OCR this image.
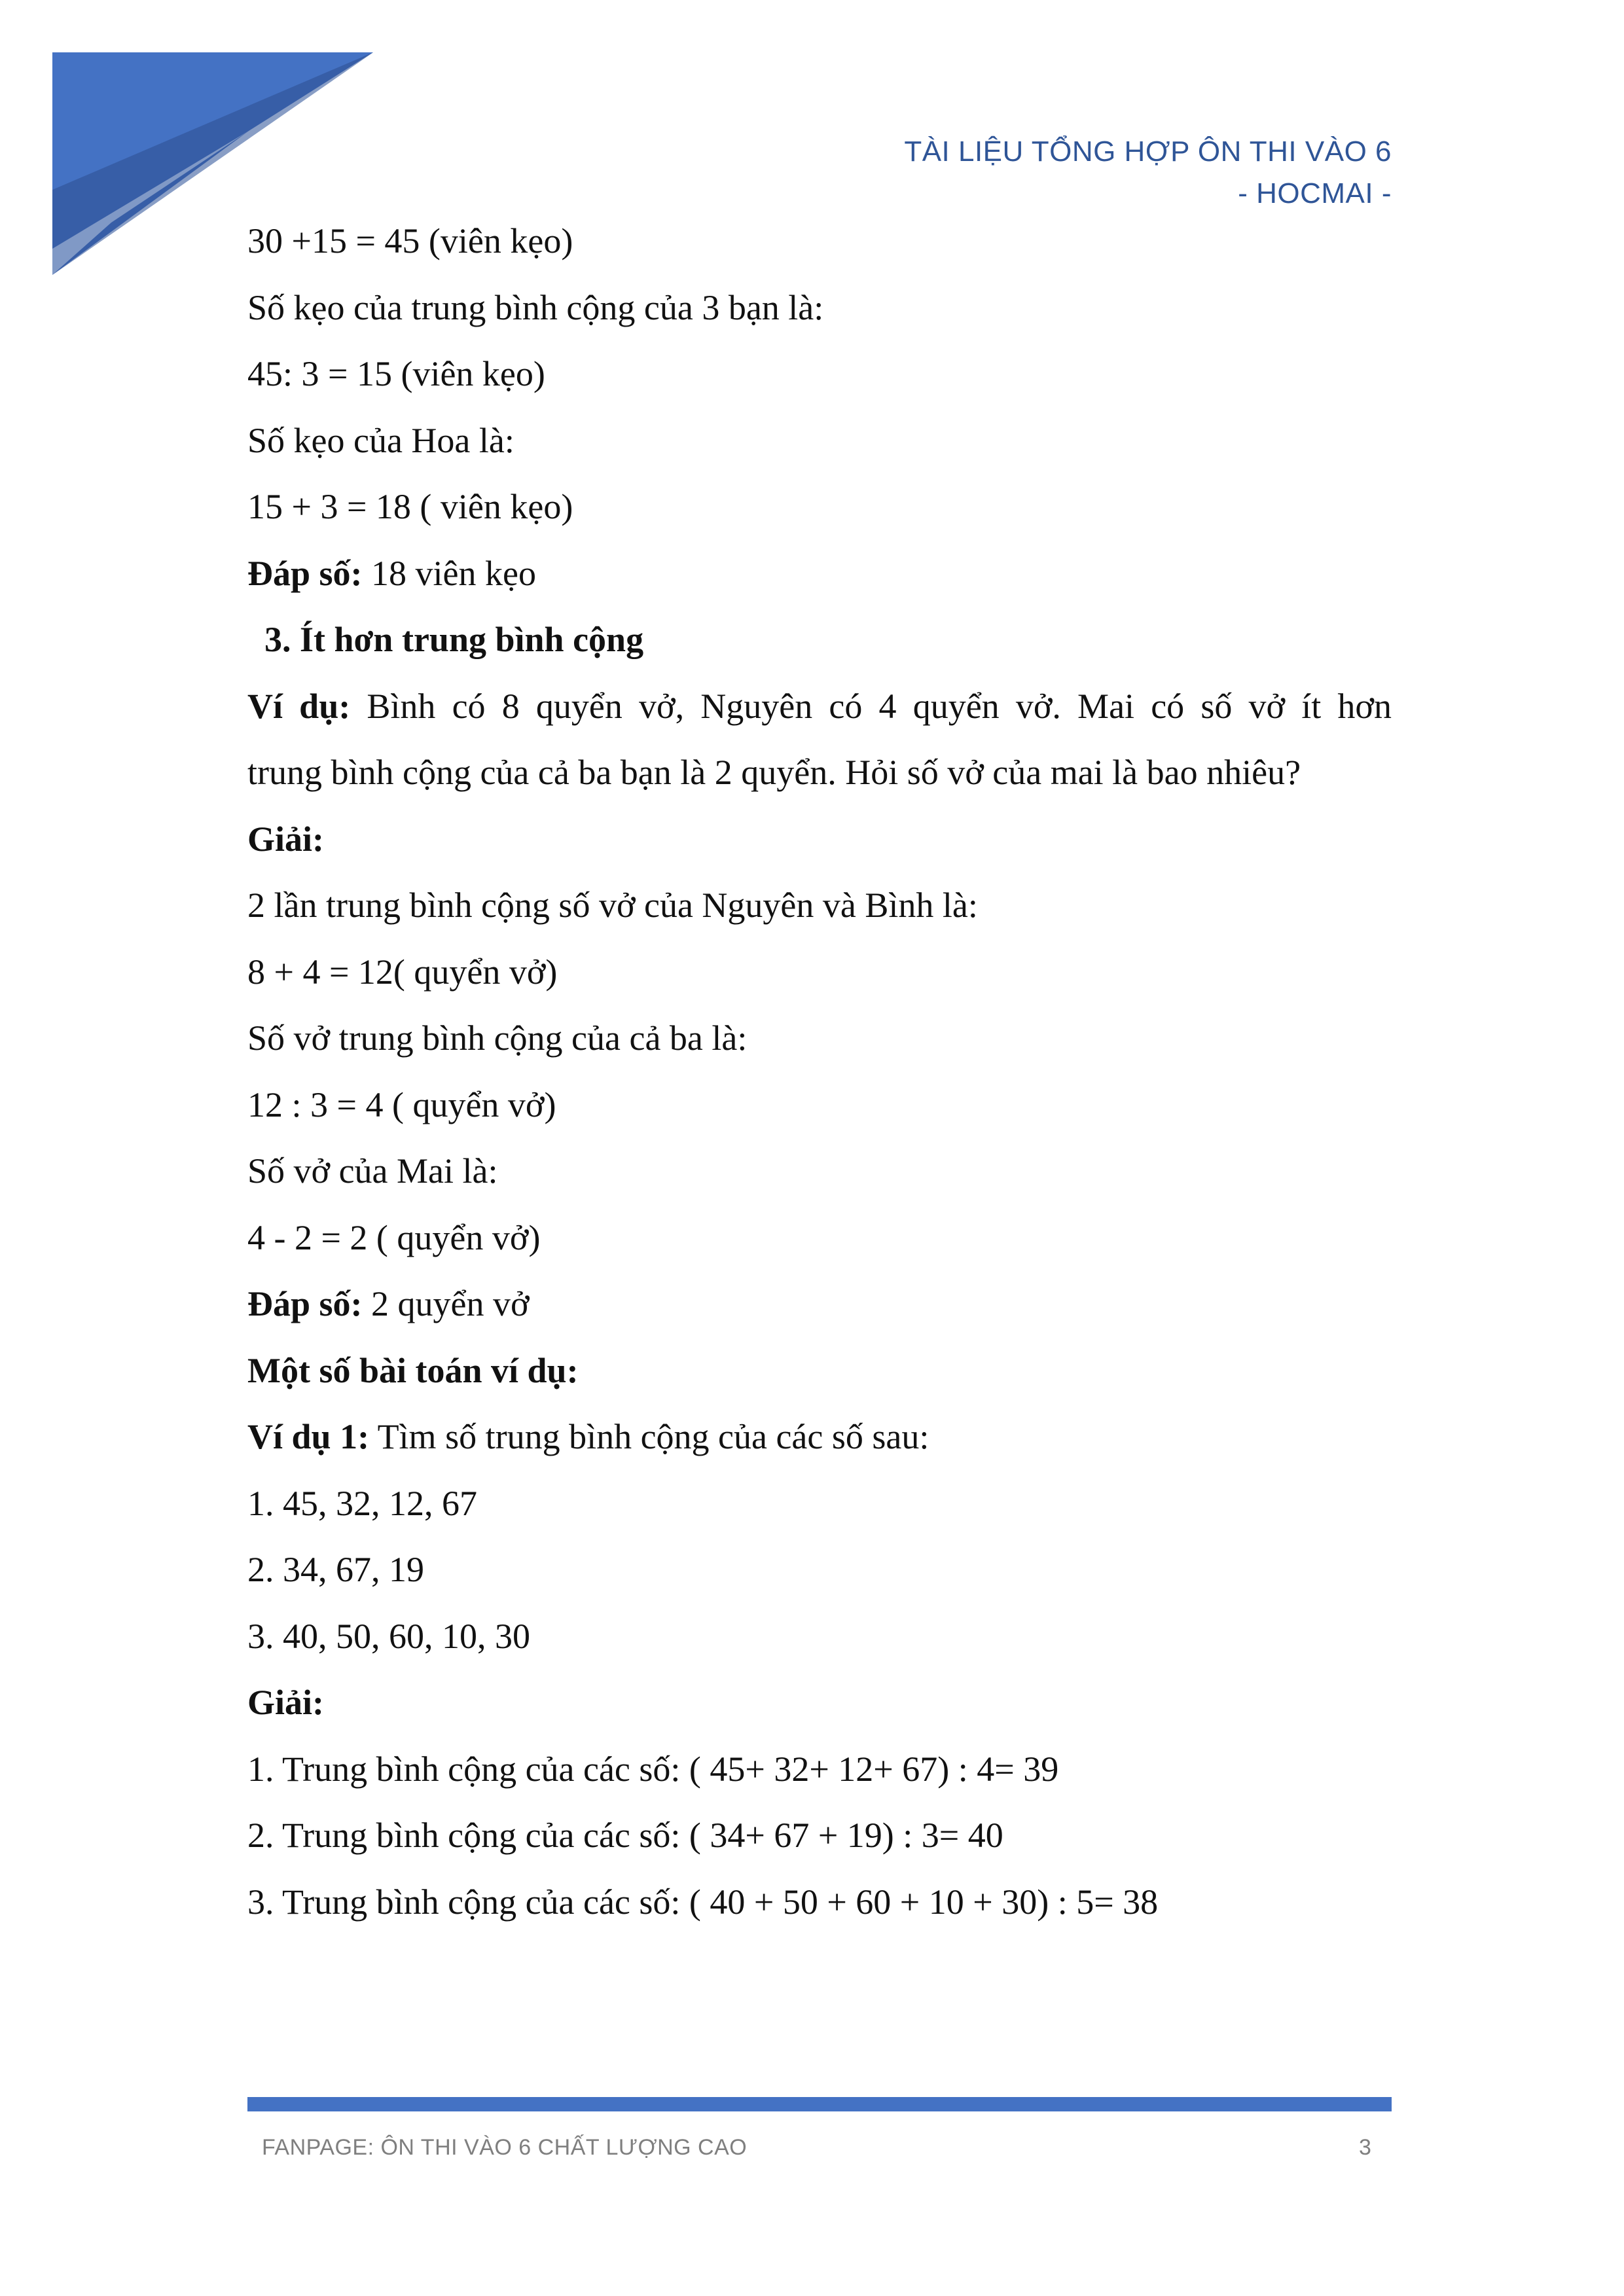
TÀI LIỆU TỔNG HỢP ÔN THI VÀO 6
- HOCMAI -
30 +15 = 45 (viên kẹo)
Số kẹo của trung bình cộng của 3 bạn là:
45: 3 = 15 (viên kẹo)
Số kẹo của Hoa là:
15 + 3 = 18 ( viên kẹo)
Đáp số: 18 viên kẹo
3. Ít hơn trung bình cộng
Ví dụ: Bình có 8 quyển vở, Nguyên có 4 quyển vở. Mai có số vở ít hơn
trung bình cộng của cả ba bạn là 2 quyển. Hỏi số vở của mai là bao nhiêu?
Giải:
2 lần trung bình cộng số vở của Nguyên và Bình là:
8 + 4 = 12( quyển vở)
Số vở trung bình cộng của cả ba là:
12 : 3 = 4 ( quyển vở)
Số vở của Mai là:
4 - 2 = 2 ( quyển vở)
Đáp số: 2 quyển vở
Một số bài toán ví dụ:
Ví dụ 1: Tìm số trung bình cộng của các số sau:
1. 45, 32, 12, 67
2. 34, 67, 19
3. 40, 50, 60, 10, 30
Giải:
1. Trung bình cộng của các số: ( 45+ 32+ 12+ 67) : 4= 39
2. Trung bình cộng của các số: ( 34+ 67 + 19) : 3= 40
3. Trung bình cộng của các số: ( 40 + 50 + 60 + 10 + 30) : 5= 38
FANPAGE: ÔN THI VÀO 6 CHẤT LƯỢNG CAO	3
